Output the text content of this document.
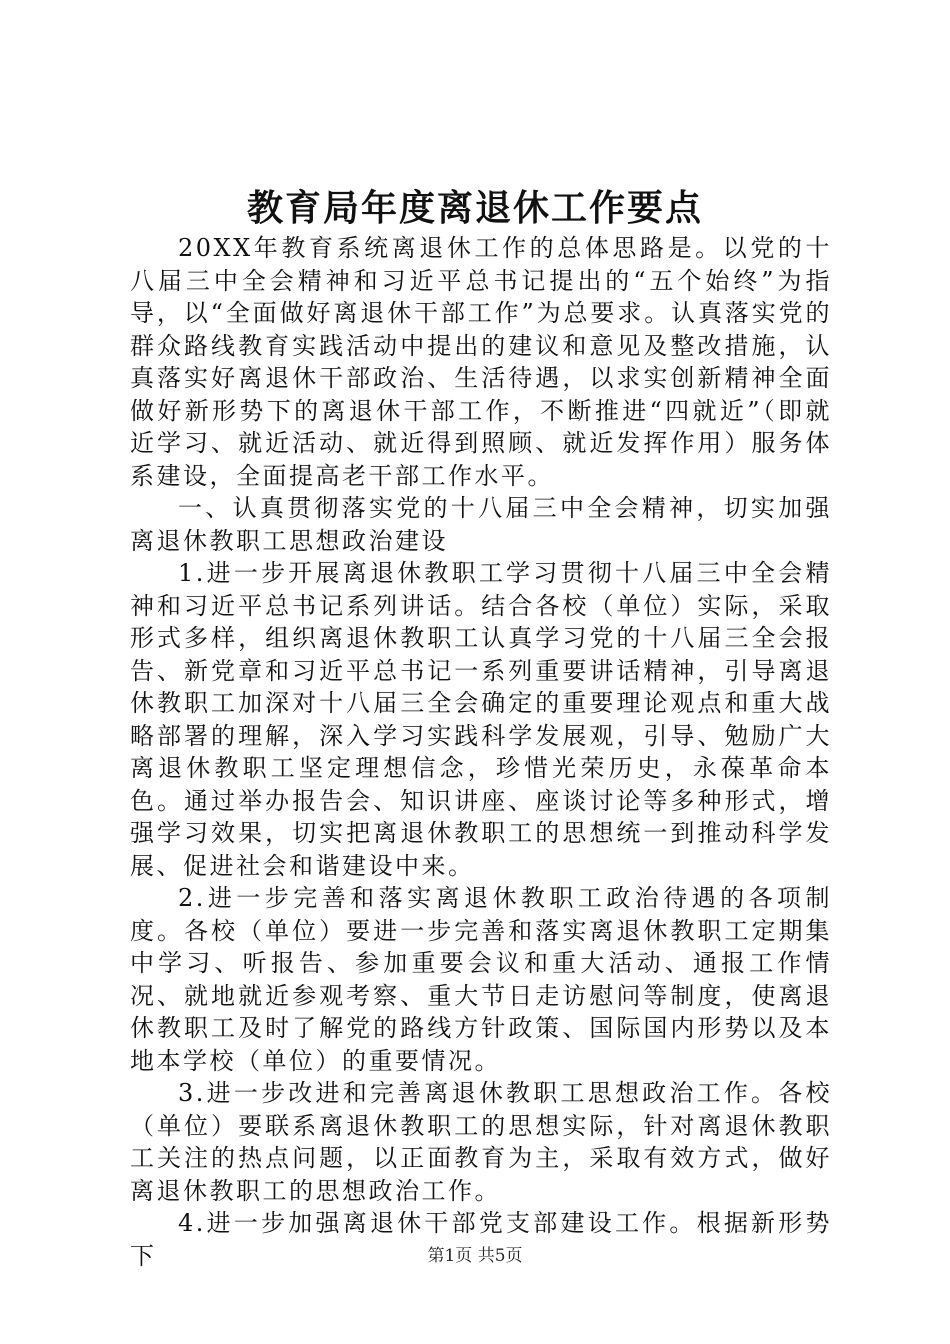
教育局年度离退休工作要点

20XX年教育系统离退休工作的总体思路是。以党的十八届三中全会精神和习近平总书记提出的“五个始终”为指导，以“全面做好离退休干部工作”为总要求。认真落实党的群众路线教育实践活动中提出的建议和意见及整改措施，认真落实好离退休干部政治、生活待遇，以求实创新精神全面做好新形势下的离退休干部工作，不断推进“四就近”（即就近学习、就近活动、就近得到照顾、就近发挥作用）服务体系建设，全面提高老干部工作水平。

一、认真贯彻落实党的十八届三中全会精神，切实加强离退休教职工思想政治建设

1.进一步开展离退休教职工学习贯彻十八届三中全会精神和习近平总书记系列讲话。结合各校（单位）实际，采取形式多样，组织离退休教职工认真学习党的十八届三全会报告、新党章和习近平总书记一系列重要讲话精神，引导离退休教职工加深对十八届三全会确定的重要理论观点和重大战略部署的理解，深入学习实践科学发展观，引导、勉励广大离退休教职工坚定理想信念，珍惜光荣历史，永葆革命本色。通过举办报告会、知识讲座、座谈讨论等多种形式，增强学习效果，切实把离退休教职工的思想统一到推动科学发展、促进社会和谐建设中来。

2.进一步完善和落实离退休教职工政治待遇的各项制度。各校（单位）要进一步完善和落实离退休教职工定期集中学习、听报告、参加重要会议和重大活动、通报工作情况、就地就近参观考察、重大节日走访慰问等制度，使离退休教职工及时了解党的路线方针政策、国际国内形势以及本地本学校（单位）的重要情况。

3.进一步改进和完善离退休教职工思想政治工作。各校（单位）要联系离退休教职工的思想实际，针对离退休教职工关注的热点问题，以正面教育为主，采取有效方式，做好离退休教职工的思想政治工作。

4.进一步加强离退休干部党支部建设工作。根据新形势下	第1页 共5页
